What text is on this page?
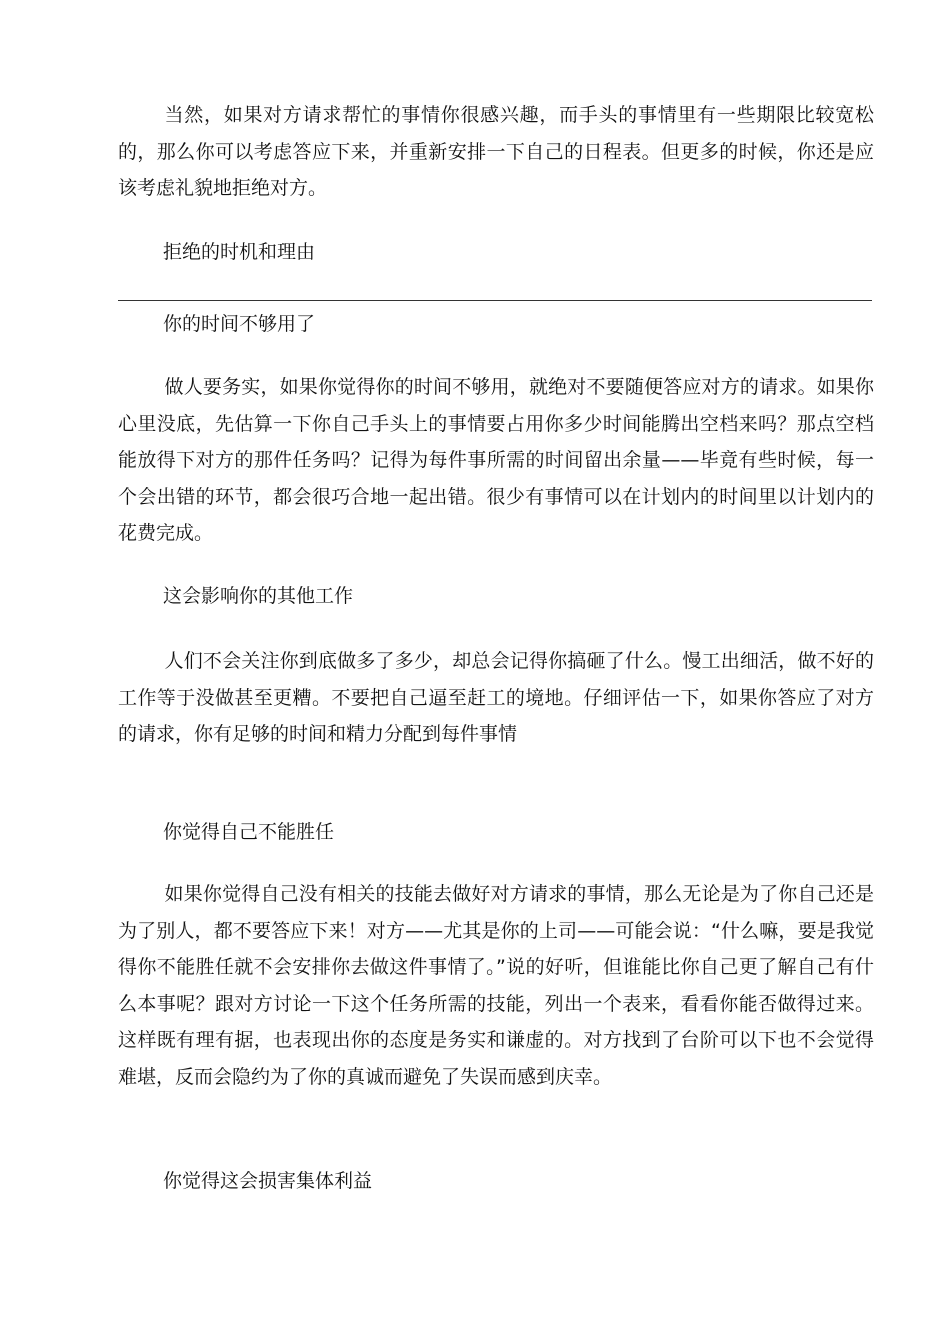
当然，如果对方请求帮忙的事情你很感兴趣，而手头的事情里有一些期限比较宽松的，那么你可以考虑答应下来，并重新安排一下自己的日程表。但更多的时候，你还是应该考虑礼貌地拒绝对方。

拒绝的时机和理由
你的时间不够用了

做人要务实，如果你觉得你的时间不够用，就绝对不要随便答应对方的请求。如果你心里没底，先估算一下你自己手头上的事情要占用你多少时间能腾出空档来吗？那点空档能放得下对方的那件任务吗？记得为每件事所需的时间留出余量——毕竟有些时候，每一个会出错的环节，都会很巧合地一起出错。很少有事情可以在计划内的时间里以计划内的花费完成。

这会影响你的其他工作

人们不会关注你到底做多了多少，却总会记得你搞砸了什么。慢工出细活，做不好的工作等于没做甚至更糟。不要把自己逼至赶工的境地。仔细评估一下，如果你答应了对方的请求，你有足够的时间和精力分配到每件事情

你觉得自己不能胜任

如果你觉得自己没有相关的技能去做好对方请求的事情，那么无论是为了你自己还是为了别人，都不要答应下来！对方——尤其是你的上司——可能会说：“什么嘛，要是我觉得你不能胜任就不会安排你去做这件事情了。”说的好听，但谁能比你自己更了解自己有什么本事呢？跟对方讨论一下这个任务所需的技能，列出一个表来，看看你能否做得过来。这样既有理有据，也表现出你的态度是务实和谦虚的。对方找到了台阶可以下也不会觉得难堪，反而会隐约为了你的真诚而避免了失误而感到庆幸。

你觉得这会损害集体利益
